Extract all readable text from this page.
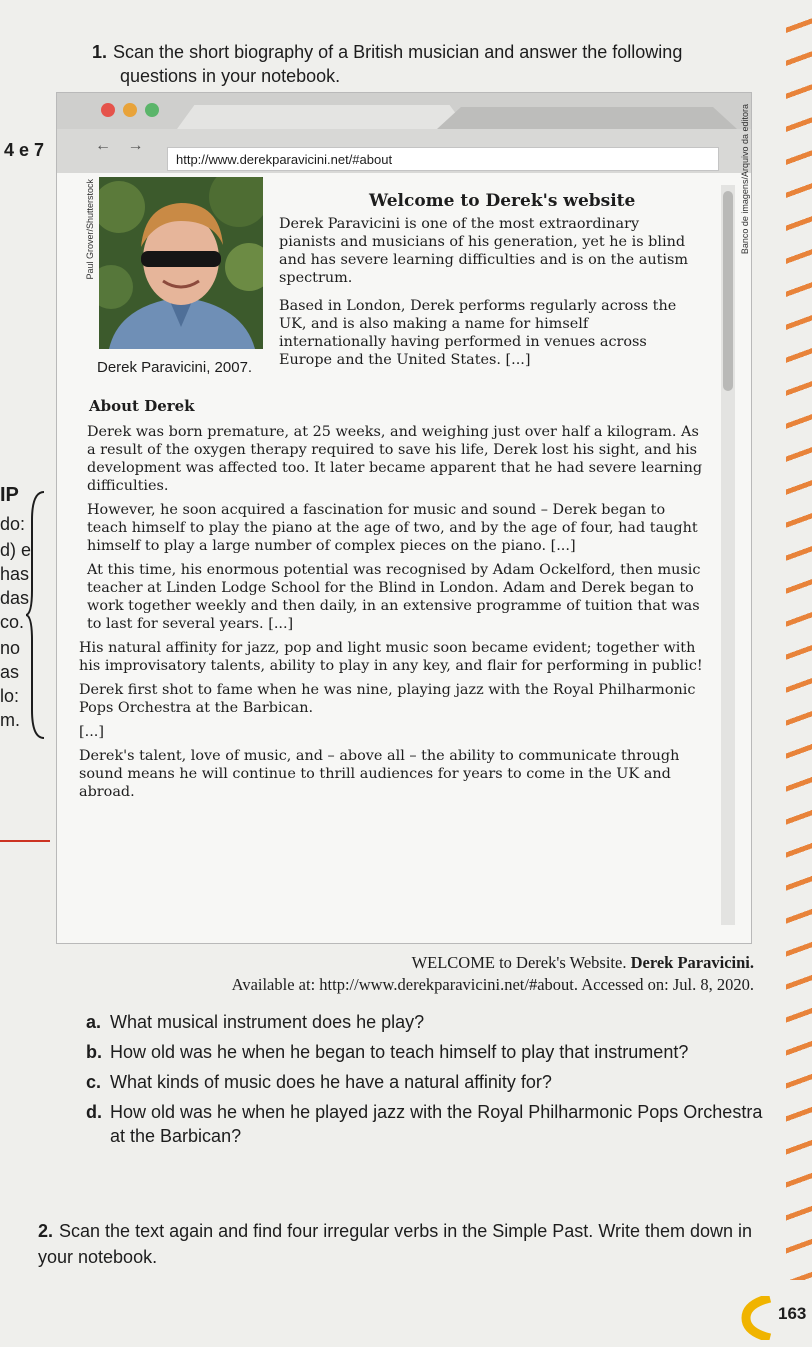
1. Scan the short biography of a British musician and answer the following
questions in your notebook.
4 e 7
IP
do:
d) e
has
das
co.
no
as
lo:
m.
← →
http://www.derekparavicini.net/#about
Paul Grover/Shutterstock
Derek Paravicini, 2007.
Welcome to Derek's website

Derek Paravicini is one of the most extraordinary pianists and musicians of his generation, yet he is blind and has severe learning difficulties and is on the autism spectrum.

Based in London, Derek performs regularly across the UK, and is also making a name for himself internationally having performed in venues across Europe and the United States. [...]

About Derek

Derek was born premature, at 25 weeks, and weighing just over half a kilogram. As a result of the oxygen therapy required to save his life, Derek lost his sight, and his development was affected too. It later became apparent that he had severe learning difficulties.

However, he soon acquired a fascination for music and sound – Derek began to teach himself to play the piano at the age of two, and by the age of four, had taught himself to play a large number of complex pieces on the piano. [...]

At this time, his enormous potential was recognised by Adam Ockelford, then music teacher at Linden Lodge School for the Blind in London. Adam and Derek began to work together weekly and then daily, in an extensive programme of tuition that was to last for several years. [...]

His natural affinity for jazz, pop and light music soon became evident; together with his improvisatory talents, ability to play in any key, and flair for performing in public!

Derek first shot to fame when he was nine, playing jazz with the Royal Philharmonic Pops Orchestra at the Barbican.

[...]

Derek's talent, love of music, and – above all – the ability to communicate through sound means he will continue to thrill audiences for years to come in the UK and abroad.

Banco de imagens/Arquivo da editora
WELCOME to Derek's Website. Derek Paravicini.
Available at: http://www.derekparavicini.net/#about. Accessed on: Jul. 8, 2020.
a. What musical instrument does he play?
b. How old was he when he began to teach himself to play that instrument?
c. What kinds of music does he have a natural affinity for?
d. How old was he when he played jazz with the Royal Philharmonic Pops Orchestra at the Barbican?
2. Scan the text again and find four irregular verbs in the Simple Past. Write them down in your notebook.
163
